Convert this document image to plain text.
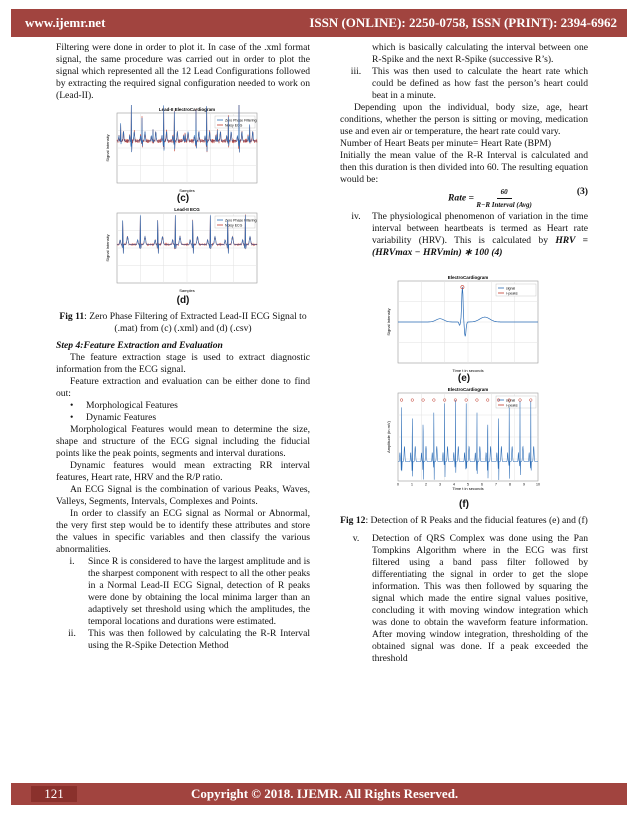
www.ijemr.net	ISSN (ONLINE): 2250-0758, ISSN (PRINT): 2394-6962

Filtering were done in order to plot it. In case of the .xml format signal, the same procedure was carried out in order to plot the signal which represented all the 12 Lead Configurations followed by extracting the required signal configuration needed to work on (Lead-II).

Lead-II ElectroCardiogram
Samples
Signal Intensity
Zero Phase Filtering
Noisy ECG
(c)
Lead-II ECG
Samples
Signal Intensity
Zero Phase Filtering
Noisy ECG
(d)

Fig 11: Zero Phase Filtering of Extracted Lead-II ECG Signal to (.mat) from (c) (.xml) and (d) (.csv)

Step 4:Feature Extraction and Evaluation

The feature extraction stage is used to extract diagnostic information from the ECG signal.

Feature extraction and evaluation can be either done to find out:

•	Morphological Features
•	Dynamic Features

Morphological Features would mean to determine the size, shape and structure of the ECG signal including the fiducial points like the peak points, segments and interval durations.

Dynamic features would mean extracting RR interval features, Heart rate, HRV and the R/P ratio.

An ECG Signal is the combination of various Peaks, Waves, Valleys, Segments, Intervals, Complexes and Points.

In order to classify an ECG signal as Normal or Abnormal, the very first step would be to identify these attributes and store the values in specific variables and then classify the various abnormalities.

i.	Since R is considered to have the largest amplitude and is the sharpest component with respect to all the other peaks in a Normal Lead-II ECG Signal, detection of R peaks were done by obtaining the local minima larger than an adaptively set threshold using which the amplitudes, the temporal locations and durations were estimated.
ii.	This was then followed by calculating the R-R Interval using the R-Spike Detection Method
which is basically calculating the interval between one R-Spike and the next R-Spike (successive R’s).
iii.	This was then used to calculate the heart rate which could be defined as how fast the person’s heart could beat in a minute.

Depending upon the individual, body size, age, heart conditions, whether the person is sitting or moving, medication use and even air or temperature, the heart rate could vary.

Number of Heart Beats per minute= Heart Rate (BPM)

Initially the mean value of the R-R Interval is calculated and then this duration is then divided into 60. The resulting equation would be:

Rate = $\frac{60}{\text{R−R Interval (Avg)}}$	(3)
iv.	The physiological phenomenon of variation in the time interval between heartbeats is termed as Heart rate variability (HRV). This is calculated by HRV = (HRVmax − HRVmin) ∗ 100 (4)
ElectroCardiogram
Time t in seconds
Signal Intensity
signal
r-peaks
(e)
ElectroCardiogram
Time t in seconds
Amplitude (in mV)
signal
r-peaks
0	1	2	3	4	5	6	7	8	9	10
(f)

Fig 12: Detection of R Peaks and the fiducial features (e) and (f)

v.	Detection of QRS Complex was done using the Pan Tompkins Algorithm where in the ECG was first filtered using a band pass filter followed by differentiating the signal in order to get the slope information. This was then followed by squaring the signal which made the entire signal values positive, concluding it with moving window integration which was done to obtain the waveform feature information. After moving window integration, thresholding of the obtained signal was done. If a peak exceeded the threshold
121	Copyright © 2018. IJEMR. All Rights Reserved.
